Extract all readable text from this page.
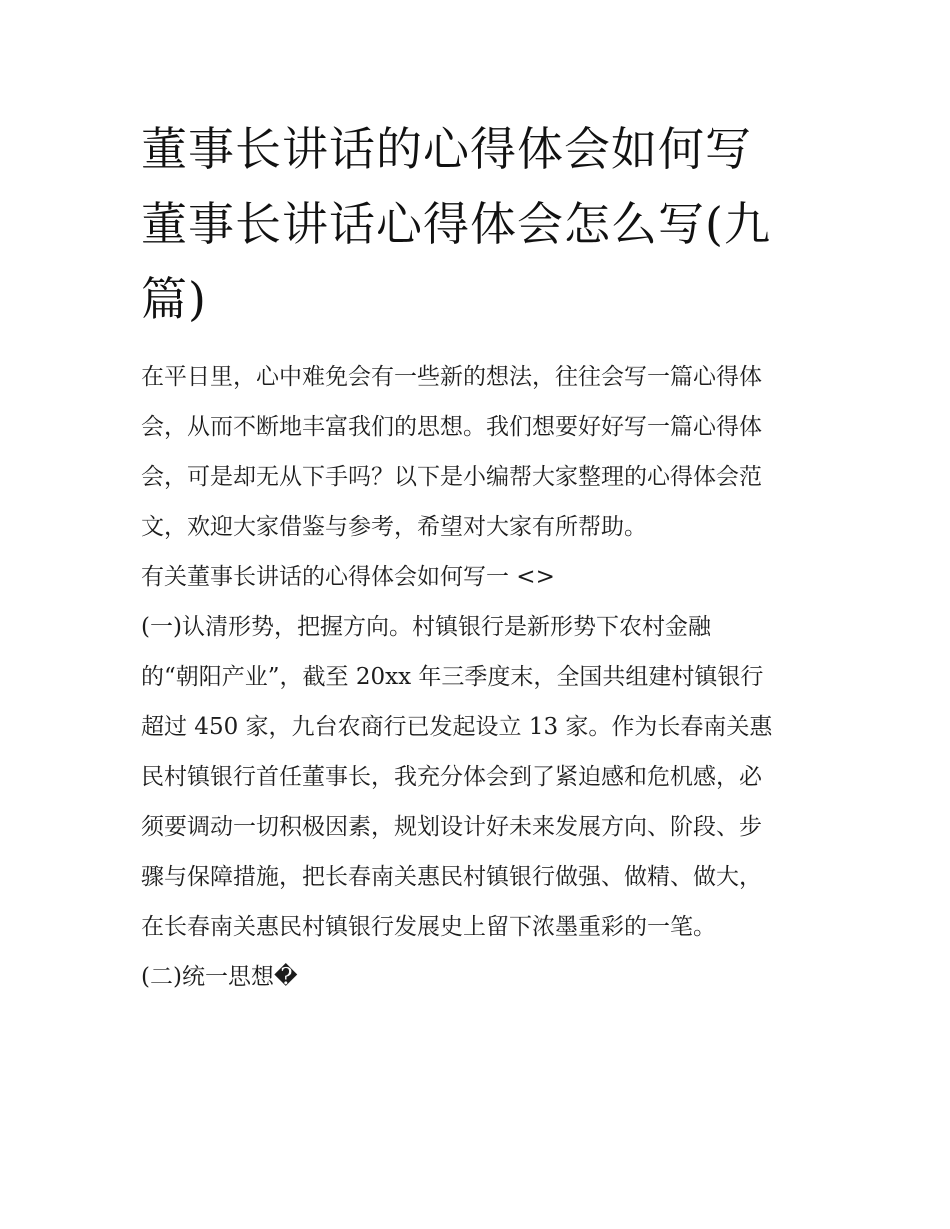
董事长讲话的心得体会如何写
董事长讲话心得体会怎么写(九
篇)

在平日里，心中难免会有一些新的想法，往往会写一篇心得体
会，从而不断地丰富我们的思想。我们想要好好写一篇心得体
会，可是却无从下手吗？以下是小编帮大家整理的心得体会范
文，欢迎大家借鉴与参考，希望对大家有所帮助。

有关董事长讲话的心得体会如何写一 <>

(一)认清形势，把握方向。村镇银行是新形势下农村金融
的“朝阳产业”，截至 20xx 年三季度末，全国共组建村镇银行
超过 450 家，九台农商行已发起设立 13 家。作为长春南关惠
民村镇银行首任董事长，我充分体会到了紧迫感和危机感，必
须要调动一切积极因素，规划设计好未来发展方向、阶段、步
骤与保障措施，把长春南关惠民村镇银行做强、做精、做大，
在长春南关惠民村镇银行发展史上留下浓墨重彩的一笔。

(二)统一思想�
